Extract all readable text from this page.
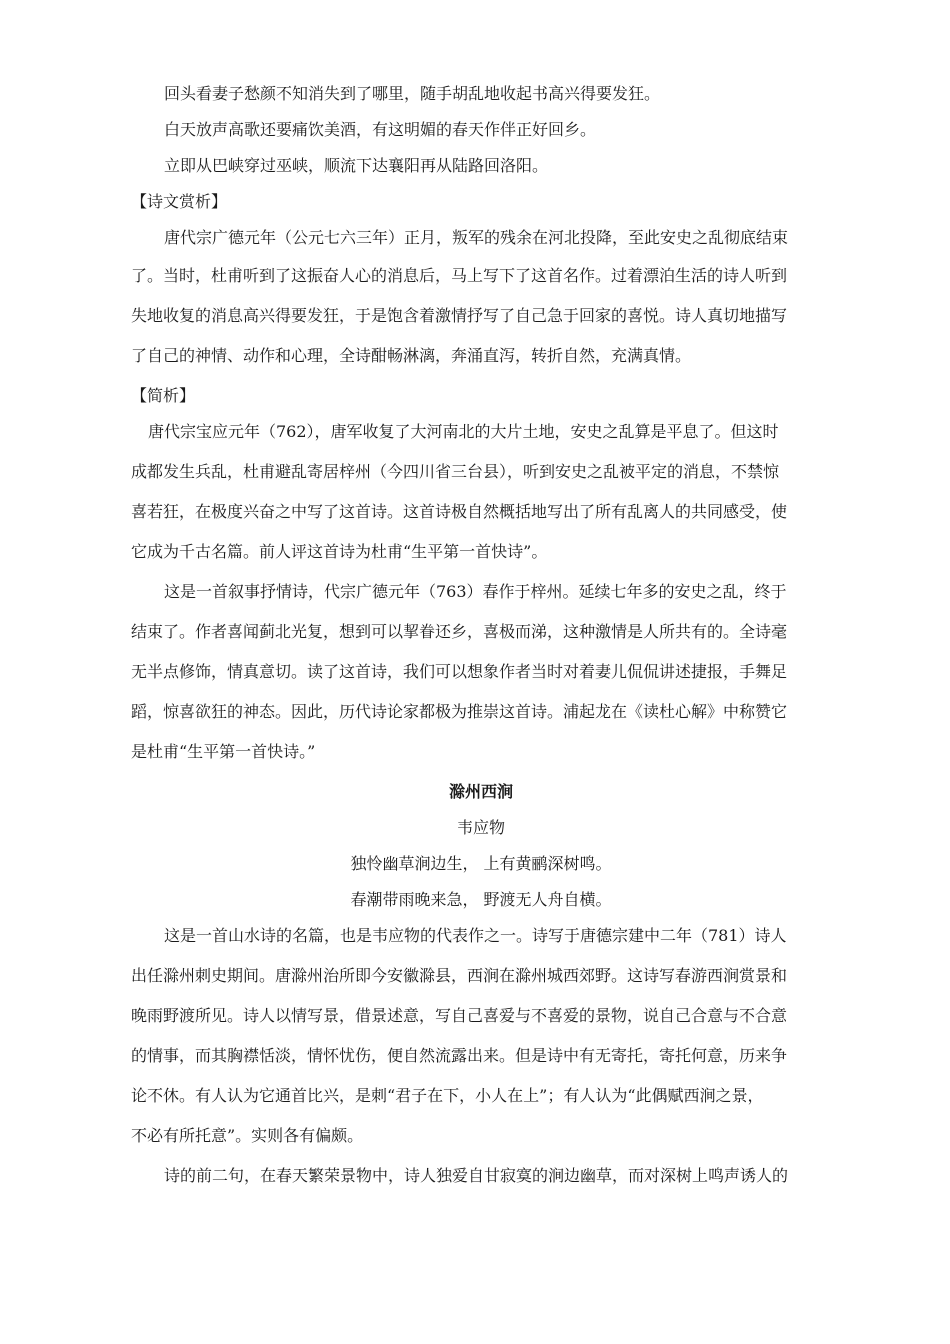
回头看妻子愁颜不知消失到了哪里，随手胡乱地收起书高兴得要发狂。
白天放声高歌还要痛饮美酒，有这明媚的春天作伴正好回乡。
立即从巴峡穿过巫峡，顺流下达襄阳再从陆路回洛阳。
【诗文赏析】
唐代宗广德元年（公元七六三年）正月，叛军的残余在河北投降，至此安史之乱彻底结束
了。当时，杜甫听到了这振奋人心的消息后，马上写下了这首名作。过着漂泊生活的诗人听到
失地收复的消息高兴得要发狂，于是饱含着激情抒写了自己急于回家的喜悦。诗人真切地描写
了自己的神情、动作和心理，全诗酣畅淋漓，奔涌直泻，转折自然，充满真情。
【简析】
唐代宗宝应元年（762），唐军收复了大河南北的大片土地，安史之乱算是平息了。但这时
成都发生兵乱，杜甫避乱寄居梓州（今四川省三台县），听到安史之乱被平定的消息，不禁惊
喜若狂，在极度兴奋之中写了这首诗。这首诗极自然概括地写出了所有乱离人的共同感受，使
它成为千古名篇。前人评这首诗为杜甫“生平第一首快诗”。
这是一首叙事抒情诗，代宗广德元年（763）春作于梓州。延续七年多的安史之乱，终于
结束了。作者喜闻蓟北光复，想到可以挈眷还乡，喜极而涕，这种激情是人所共有的。全诗毫
无半点修饰，情真意切。读了这首诗，我们可以想象作者当时对着妻儿侃侃讲述捷报，手舞足
蹈，惊喜欲狂的神态。因此，历代诗论家都极为推崇这首诗。浦起龙在《读杜心解》中称赞它
是杜甫“生平第一首快诗。”
滁州西涧
韦应物
独怜幽草涧边生， 上有黄鹂深树鸣。
春潮带雨晚来急， 野渡无人舟自横。
这是一首山水诗的名篇，也是韦应物的代表作之一。诗写于唐德宗建中二年（781）诗人
出任滁州刺史期间。唐滁州治所即今安徽滁县，西涧在滁州城西郊野。这诗写春游西涧赏景和
晚雨野渡所见。诗人以情写景，借景述意，写自己喜爱与不喜爱的景物，说自己合意与不合意
的情事，而其胸襟恬淡，情怀忧伤，便自然流露出来。但是诗中有无寄托，寄托何意，历来争
论不休。有人认为它通首比兴，是刺“君子在下，小人在上”；有人认为“此偶赋西涧之景，
不必有所托意”。实则各有偏颇。
诗的前二句，在春天繁荣景物中，诗人独爱自甘寂寞的涧边幽草，而对深树上鸣声诱人的
